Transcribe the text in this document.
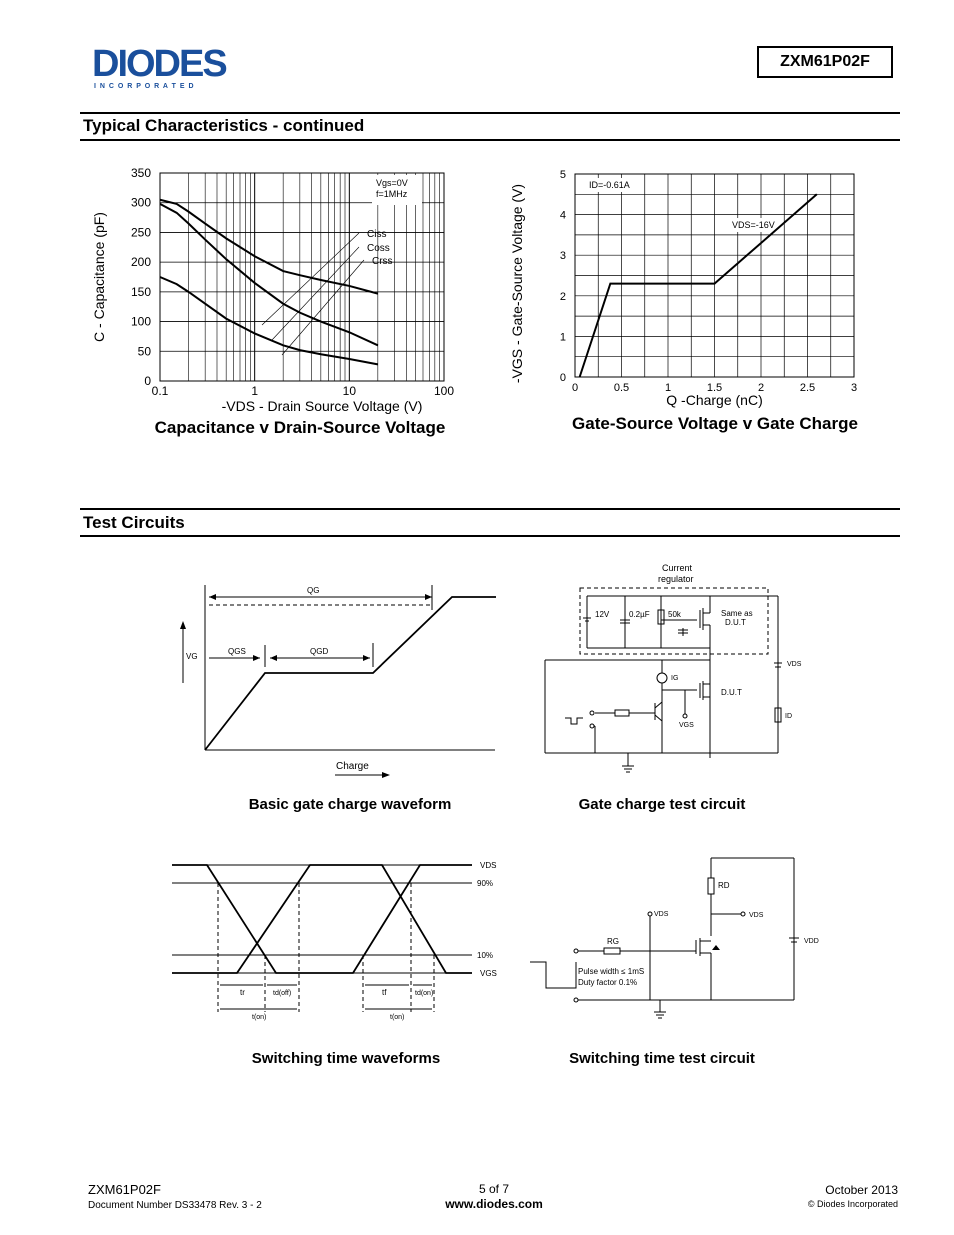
DIODES
I N C O R P O R A T E D
ZXM61P02F
Typical Characteristics - continued
0
50
100
150
200
250
300
350
0.1	1	10	100
-VDS - Drain Source Voltage (V)
C - Capacitance (pF)
Vgs=0V
f=1MHz
Ciss
Coss
Crss
Capacitance v Drain-Source Voltage
0
1
2
3
4
5
0	0.5	1	1.5	2	2.5	3
Q -Charge (nC)
-VGS - Gate-Source Voltage (V)	ID=-0.61A
VDS=-16V
Gate-Source Voltage v Gate Charge
Test Circuits
QG
QGS	QGD
VG
Charge
Basic gate charge waveform
Current
regulator
12V 0.2µF 50k	Same as
D.U.T
VDS
IG
D.U.T
VGS
ID
Gate charge test circuit
VDS
90%
10%
VGS
tr	td(off)
t(on)
tf	td(on)
t(on)
Switching time waveforms
RD
VDS	VDS
VDD
RG
Pulse width ≤ 1mS
Duty factor 0.1%
Switching time test circuit
ZXM61P02F
Document Number DS33478 Rev. 3 - 2
5 of 7
www.diodes.com
October 2013
© Diodes Incorporated
